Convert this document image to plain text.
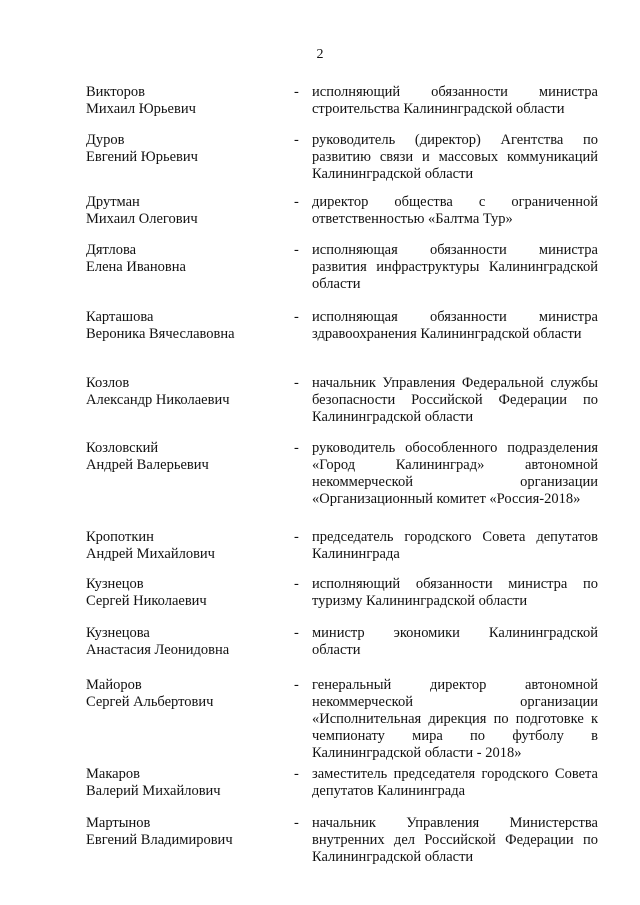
2
Викторов
Михаил Юрьевич
- исполняющий обязанности министра строительства Калининградской области
Дуров
Евгений Юрьевич
- руководитель (директор) Агентства по развитию связи и массовых коммуникаций Калининградской области
Друтман
Михаил Олегович
- директор общества с ограниченной ответственностью «Балтма Тур»
Дятлова
Елена Ивановна
- исполняющая обязанности министра развития инфраструктуры Калининградской области
Карташова
Вероника Вячеславовна
- исполняющая обязанности министра здравоохранения Калининградской области
Козлов
Александр Николаевич
- начальник Управления Федеральной службы безопасности Российской Федерации по Калининградской области
Козловский
Андрей Валерьевич
- руководитель обособленного подразделения «Город Калининград» автономной некоммерческой организации «Организационный комитет «Россия-2018»
Кропоткин
Андрей Михайлович
- председатель городского Совета депутатов Калининграда
Кузнецов
Сергей Николаевич
- исполняющий обязанности министра по туризму Калининградской области
Кузнецова
Анастасия Леонидовна
- министр экономики Калининградской области
Майоров
Сергей Альбертович
- генеральный директор автономной некоммерческой организации «Исполнительная дирекция по подготовке к чемпионату мира по футболу в Калининградской области - 2018»
Макаров
Валерий Михайлович
- заместитель председателя городского Совета депутатов Калининграда
Мартынов
Евгений Владимирович
- начальник Управления Министерства внутренних дел Российской Федерации по Калининградской области
